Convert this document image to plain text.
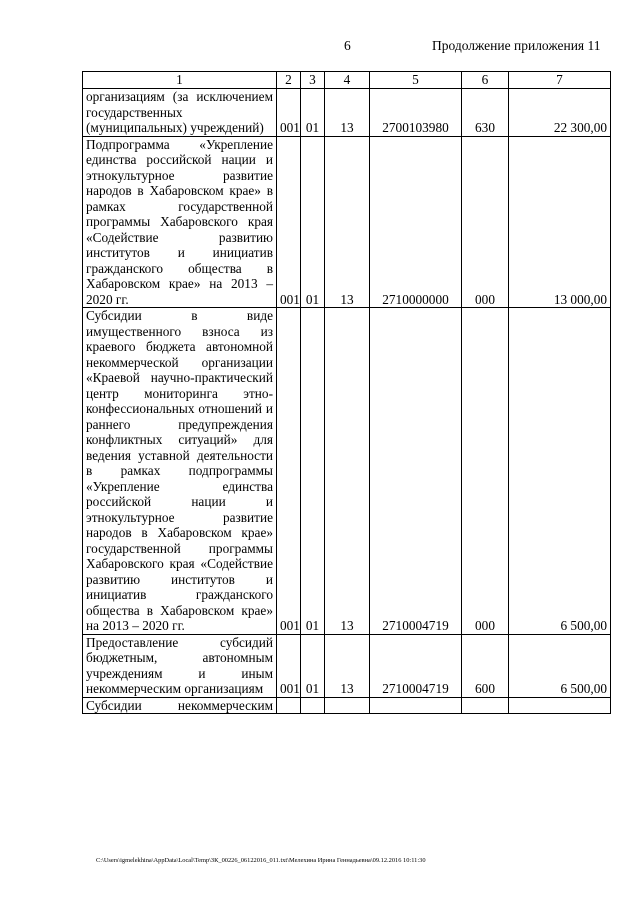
6	Продолжение приложения 11
1	2	3	4	5	6	7
организациям (за исключением государственных (муниципальных) учреждений)	001	01	13	2700103980	630	22 300,00
Подпрограмма «Укрепление единства российской нации и этнокультурное развитие народов в Хабаровском крае» в рамках государственной программы Хабаровского края «Содействие развитию институтов и инициатив гражданского общества в Хабаровском крае» на 2013 – 2020 гг.	001	01	13	2710000000	000	13 000,00
Субсидии в виде имущественного взноса из краевого бюджета автономной некоммерческой организации «Краевой научно-практический центр мониторинга этно-конфессиональных отношений и раннего предупреждения конфликтных ситуаций» для ведения уставной деятельности в рамках подпрограммы «Укрепление единства российской нации и этнокультурное развитие народов в Хабаровском крае» государственной программы Хабаровского края «Содействие развитию институтов и инициатив гражданского общества в Хабаровском крае» на 2013 – 2020 гг.	001	01	13	2710004719	000	6 500,00
Предоставление субсидий бюджетным, автономным учреждениям и иным некоммерческим организациям	001	01	13	2710004719	600	6 500,00
Субсидии некоммерческим						
C:\Users\igmelekhina\AppData\Local\Temp\ЗК_00226_06122016_011.txt\Мелехина Ирина Геннадьевна\09.12.2016 10:11:30
